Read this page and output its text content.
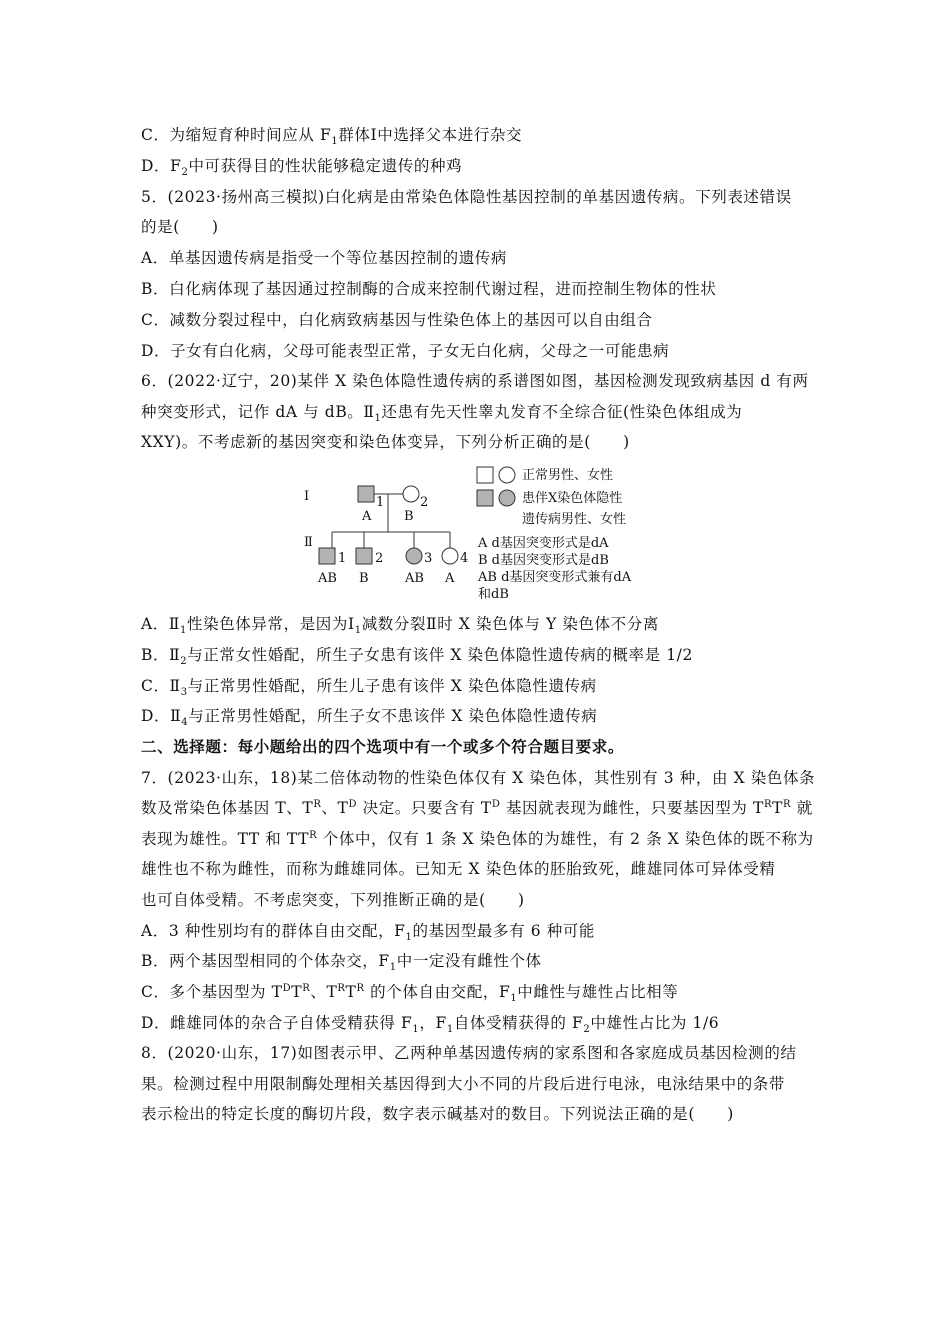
C．为缩短育种时间应从 $F_1$群体Ⅰ中选择父本进行杂交
D．$F_2$中可获得目的性状能够稳定遗传的种鸡
5．(2023·扬州高三模拟)白化病是由常染色体隐性基因控制的单基因遗传病。下列表述错误
的是(　　)
A．单基因遗传病是指受一个等位基因控制的遗传病
B．白化病体现了基因通过控制酶的合成来控制代谢过程，进而控制生物体的性状
C．减数分裂过程中，白化病致病基因与性染色体上的基因可以自由组合
D．子女有白化病，父母可能表型正常，子女无白化病，父母之一可能患病
6．(2022·辽宁，20)某伴 X 染色体隐性遗传病的系谱图如图，基因检测发现致病基因 d 有两
种突变形式，记作 dA 与 dB。$Ⅱ_1$还患有先天性睾丸发育不全综合征(性染色体组成为
XXY)。不考虑新的基因突变和染色体变异，下列分析正确的是(　　)
Ⅰ
Ⅱ
1	2
A	B
1 2	3 4
AB B	AB A
正常男性、女性
患伴X染色体隐性
遗传病男性、女性
A d基因突变形式是dA
B d基因突变形式是dB
AB d基因突变形式兼有dA
和dB
A．$Ⅱ_1$性染色体异常，是因为$Ⅰ_1$减数分裂Ⅱ时 X 染色体与 Y 染色体不分离
B．$Ⅱ_2$与正常女性婚配，所生子女患有该伴 X 染色体隐性遗传病的概率是 1/2
C．$Ⅱ_3$与正常男性婚配，所生儿子患有该伴 X 染色体隐性遗传病
D．$Ⅱ_4$与正常男性婚配，所生子女不患该伴 X 染色体隐性遗传病
二、选择题：每小题给出的四个选项中有一个或多个符合题目要求。
7．(2023·山东，18)某二倍体动物的性染色体仅有 X 染色体，其性别有 3 种，由 X 染色体条
数及常染色体基因 T、$T^R$、$T^D$ 决定。只要含有 $T^D$ 基因就表现为雌性，只要基因型为 $T^RT^R$ 就
表现为雄性。TT 和 $TT^R$ 个体中，仅有 1 条 X 染色体的为雄性，有 2 条 X 染色体的既不称为
雄性也不称为雌性，而称为雌雄同体。已知无 X 染色体的胚胎致死，雌雄同体可异体受精
也可自体受精。不考虑突变，下列推断正确的是(　　)
A．3 种性别均有的群体自由交配，$F_1$的基因型最多有 6 种可能
B．两个基因型相同的个体杂交，$F_1$中一定没有雌性个体
C．多个基因型为 $T^DT^R$、$T^RT^R$ 的个体自由交配，$F_1$中雌性与雄性占比相等
D．雌雄同体的杂合子自体受精获得 $F_1$，$F_1$自体受精获得的 $F_2$中雄性占比为 1/6
8．(2020·山东，17)如图表示甲、乙两种单基因遗传病的家系图和各家庭成员基因检测的结
果。检测过程中用限制酶处理相关基因得到大小不同的片段后进行电泳，电泳结果中的条带
表示检出的特定长度的酶切片段，数字表示碱基对的数目。下列说法正确的是(　　)
